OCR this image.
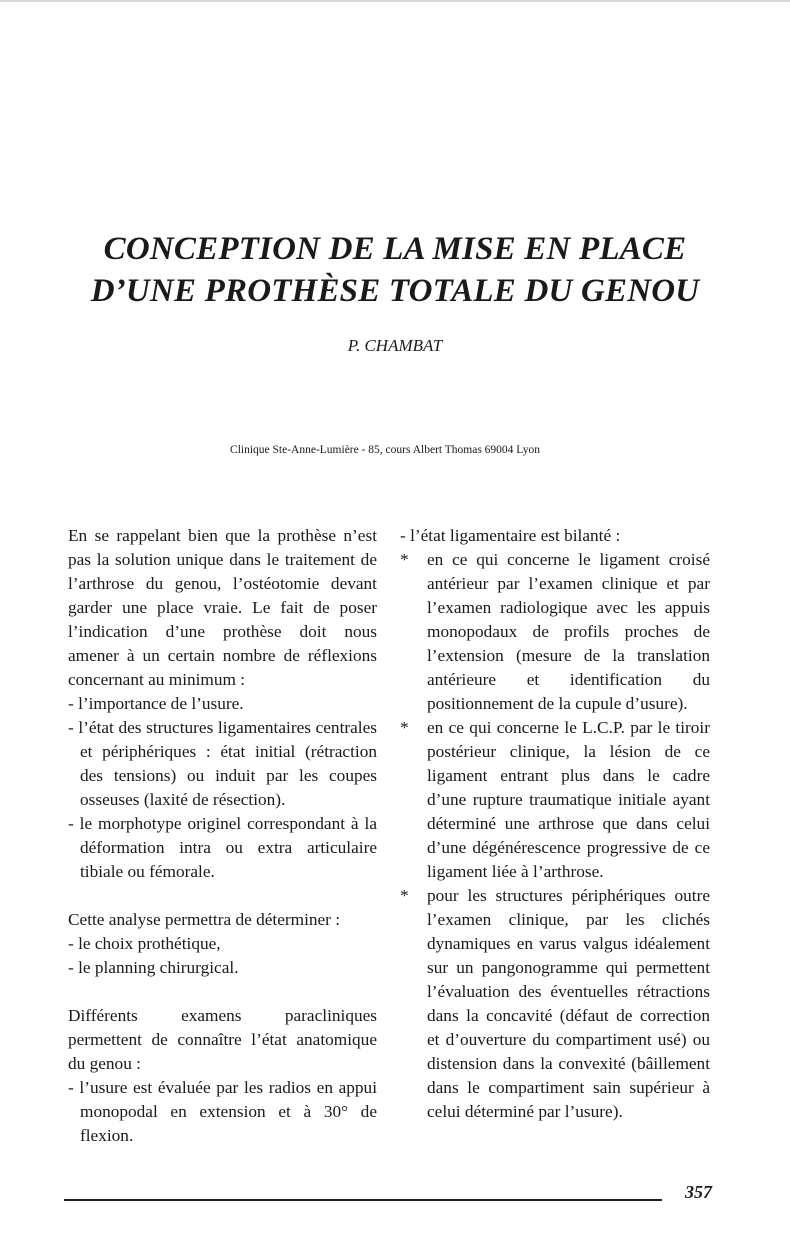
CONCEPTION DE LA MISE EN PLACE
D’UNE PROTHÈSE TOTALE DU GENOU
P. CHAMBAT
Clinique Ste-Anne-Lumière - 85, cours Albert Thomas 69004 Lyon

En se rappelant bien que la prothèse n’est pas la solution unique dans le traitement de l’arthrose du genou, l’ostéotomie devant garder une place vraie. Le fait de poser l’indication d’une prothèse doit nous amener à un certain nombre de réflexions concernant au minimum :

- l’importance de l’usure.

- l’état des structures ligamentaires centrales et périphériques : état initial (rétraction des tensions) ou induit par les coupes osseuses (laxité de résection).

- le morphotype originel correspondant à la déformation intra ou extra articulaire tibiale ou fémorale.

Cette analyse permettra de déterminer :

- le choix prothétique,

- le planning chirurgical.

Différents examens paracliniques permettent de connaître l’état anatomique du genou :

- l’usure est évaluée par les radios en appui monopodal en extension et à 30° de flexion.

- l’état ligamentaire est bilanté :

* en ce qui concerne le ligament croisé antérieur par l’examen clinique et par l’examen radiologique avec les appuis monopodaux de profils proches de l’extension (mesure de la translation antérieure et identification du positionnement de la cupule d’usure).

* en ce qui concerne le L.C.P. par le tiroir postérieur clinique, la lésion de ce ligament entrant plus dans le cadre d’une rupture traumatique initiale ayant déterminé une arthrose que dans celui d’une dégénérescence progressive de ce ligament liée à l’arthrose.

* pour les structures périphériques outre l’examen clinique, par les clichés dynamiques en varus valgus idéalement sur un pangonogramme qui permettent l’évaluation des éventuelles rétractions dans la concavité (défaut de correction et d’ouverture du compartiment usé) ou distension dans la convexité (bâillement dans le compartiment sain supérieur à celui déterminé par l’usure).

357
